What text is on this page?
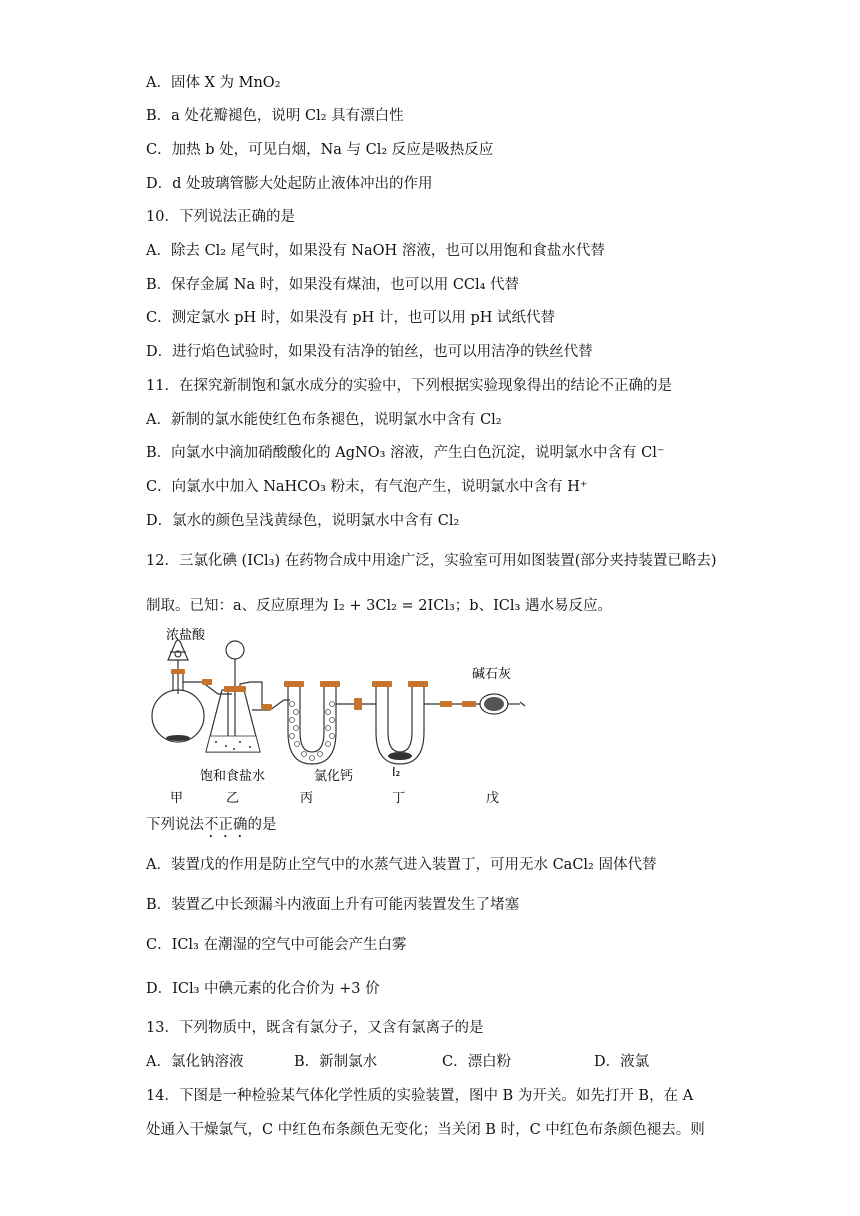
A．固体 X 为 MnO₂
B．a 处花瓣褪色，说明 Cl₂ 具有漂白性
C．加热 b 处，可见白烟，Na 与 Cl₂ 反应是吸热反应
D．d 处玻璃管膨大处起防止液体冲出的作用
10．下列说法正确的是
A．除去 Cl₂ 尾气时，如果没有 NaOH 溶液，也可以用饱和食盐水代替
B．保存金属 Na 时，如果没有煤油，也可以用 CCl₄ 代替
C．测定氯水 pH 时，如果没有 pH 计，也可以用 pH 试纸代替
D．进行焰色试验时，如果没有洁净的铂丝，也可以用洁净的铁丝代替
11．在探究新制饱和氯水成分的实验中，下列根据实验现象得出的结论不正确的是
A．新制的氯水能使红色布条褪色，说明氯水中含有 Cl₂
B．向氯水中滴加硝酸酸化的 AgNO₃ 溶液，产生白色沉淀，说明氯水中含有 Cl⁻
C．向氯水中加入 NaHCO₃ 粉末，有气泡产生，说明氯水中含有 H⁺
D．氯水的颜色呈浅黄绿色，说明氯水中含有 Cl₂
12．三氯化碘 (ICl₃) 在药物合成中用途广泛，实验室可用如图装置(部分夹持装置已略去)
制取。已知：a、反应原理为 I₂ + 3Cl₂ = 2ICl₃；b、ICl₃ 遇水易反应。
浓盐酸
碱石灰
饱和食盐水	氯化钙	I₂
甲	乙	丙	丁	戊
下列说法不正确的是
A．装置戊的作用是防止空气中的水蒸气进入装置丁，可用无水 CaCl₂ 固体代替
B．装置乙中长颈漏斗内液面上升有可能丙装置发生了堵塞
C．ICl₃ 在潮湿的空气中可能会产生白雾
D．ICl₃ 中碘元素的化合价为 +3 价
13．下列物质中，既含有氯分子，又含有氯离子的是
A．氯化钠溶液	B．新制氯水	C．漂白粉	D．液氯
14．下图是一种检验某气体化学性质的实验装置，图中 B 为开关。如先打开 B，在 A
处通入干燥氯气，C 中红色布条颜色无变化；当关闭 B 时，C 中红色布条颜色褪去。则
